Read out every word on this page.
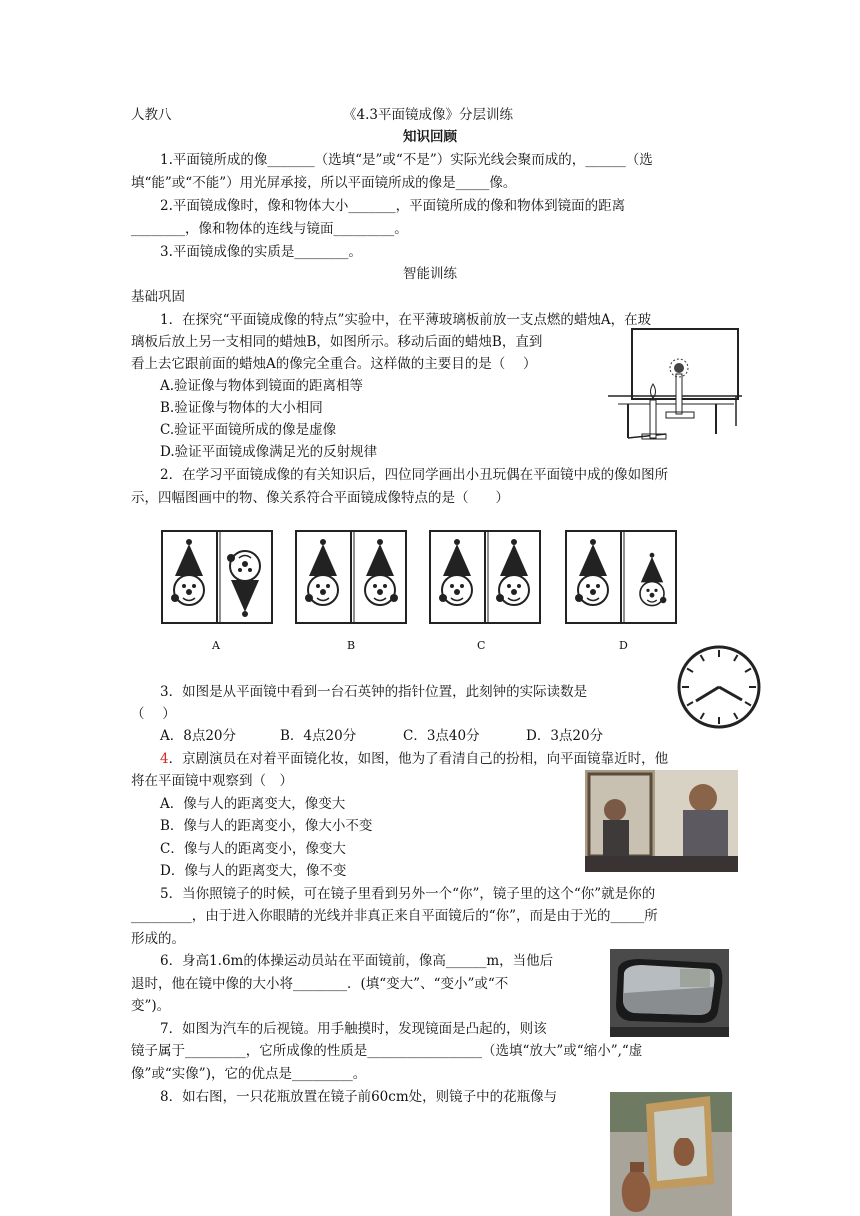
人教八	《4.3平面镜成像》分层训练
知识回顾
1.平面镜所成的像_______（选填“是”或“不是”）实际光线会聚而成的，______（选
填“能”或“不能”）用光屏承接，所以平面镜所成的像是_____像。
2.平面镜成像时，像和物体大小_______，平面镜所成的像和物体到镜面的距离
________，像和物体的连线与镜面_________。
3.平面镜成像的实质是________。
智能训练
基础巩固
1．在探究“平面镜成像的特点”实验中，在平薄玻璃板前放一支点燃的蜡烛A，在玻
璃板后放上另一支相同的蜡烛B，如图所示。移动后面的蜡烛B，直到
看上去它跟前面的蜡烛A的像完全重合。这样做的主要目的是（　 ）
A.验证像与物体到镜面的距离相等
B.验证像与物体的大小相同
C.验证平面镜所成的像是虚像
D.验证平面镜成像满足光的反射规律
2．在学习平面镜成像的有关知识后，四位同学画出小丑玩偶在平面镜中成的像如图所
示，四幅图画中的物、像关系符合平面镜成像特点的是（　　）
A	B	C	D
3．如图是从平面镜中看到一台石英钟的指针位置，此刻钟的实际读数是
（　 ）
A．8点20分	B．4点20分	C．3点40分	D．3点20分
4．京剧演员在对着平面镜化妆，如图，他为了看清自己的扮相，向平面镜靠近时，他
将在平面镜中观察到（　）
A．像与人的距离变大，像变大
B．像与人的距离变小，像大小不变
C．像与人的距离变小，像变大
D．像与人的距离变大，像不变
5．当你照镜子的时候，可在镜子里看到另外一个“你”，镜子里的这个“你”就是你的
_________，由于进入你眼睛的光线并非真正来自平面镜后的“你”，而是由于光的_____所
形成的。
6．身高1.6m的体操运动员站在平面镜前，像高______m，当他后
退时，他在镜中像的大小将________．(填“变大”、“变小”或“不
变”)。
7．如图为汽车的后视镜。用手触摸时，发现镜面是凸起的，则该
镜子属于_________，它所成像的性质是_________________（选填“放大”或“缩小”,“虚
像”或“实像”)，它的优点是_________。
8．如右图，一只花瓶放置在镜子前60cm处，则镜子中的花瓶像与
